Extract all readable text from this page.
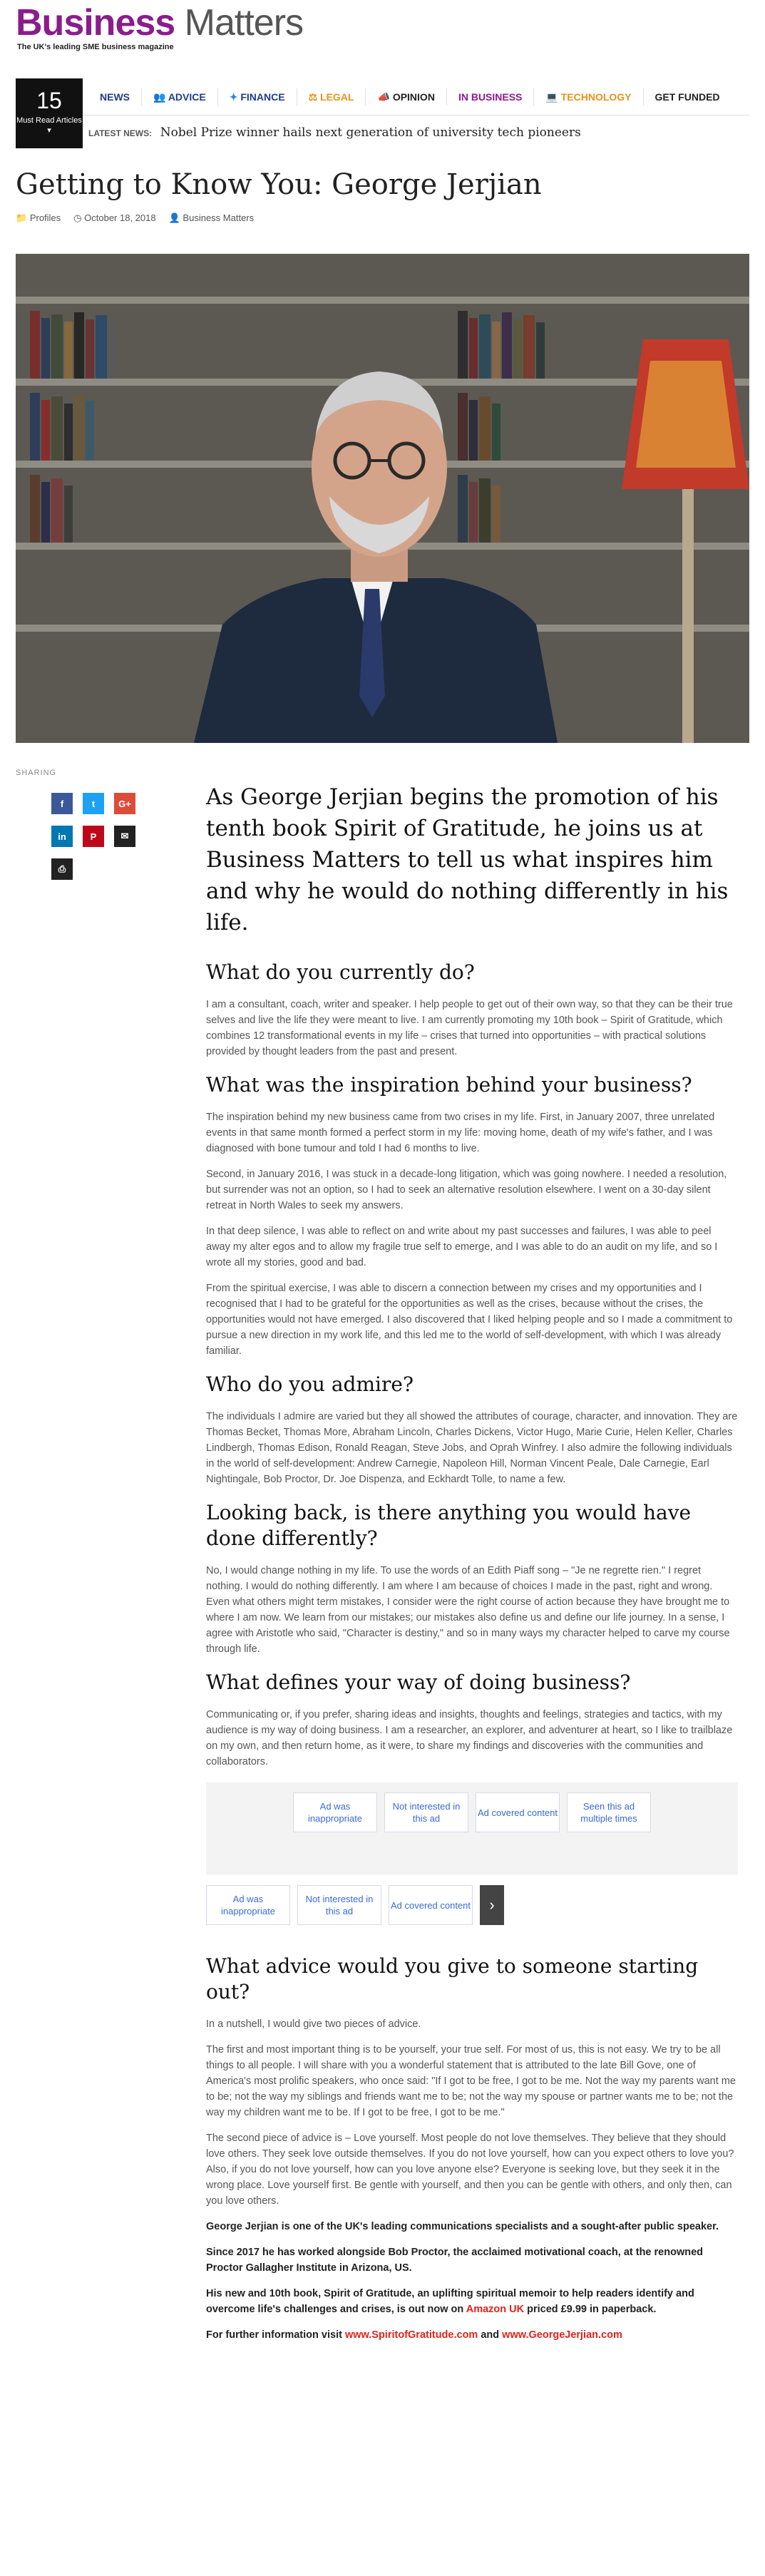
Business Matters
The UK's leading SME business magazine
15
Must Read Articles ▾
NEWS	👥 ADVICE	✦ FINANCE	⚖ LEGAL	📣 OPINION	IN BUSINESS	💻 TECHNOLOGY	GET FUNDED
LATEST NEWS: Nobel Prize winner hails next generation of university tech pioneers
Getting to Know You: George Jerjian
📁 Profiles ◷ October 18, 2018 👤 Business Matters
SHARING
f	t	G+
in	P	✉
⎙
As George Jerjian begins the promotion of his tenth book Spirit of Gratitude, he joins us at Business Matters to tell us what inspires him and why he would do nothing differently in his life.
What do you currently do?

I am a consultant, coach, writer and speaker. I help people to get out of their own way, so that they can be their true selves and live the life they were meant to live. I am currently promoting my 10th book – Spirit of Gratitude, which combines 12 transformational events in my life – crises that turned into opportunities – with practical solutions provided by thought leaders from the past and present.

What was the inspiration behind your business?

The inspiration behind my new business came from two crises in my life. First, in January 2007, three unrelated events in that same month formed a perfect storm in my life: moving home, death of my wife's father, and I was diagnosed with bone tumour and told I had 6 months to live.

Second, in January 2016, I was stuck in a decade-long litigation, which was going nowhere. I needed a resolution, but surrender was not an option, so I had to seek an alternative resolution elsewhere. I went on a 30-day silent retreat in North Wales to seek my answers.

In that deep silence, I was able to reflect on and write about my past successes and failures, I was able to peel away my alter egos and to allow my fragile true self to emerge, and I was able to do an audit on my life, and so I wrote all my stories, good and bad.

From the spiritual exercise, I was able to discern a connection between my crises and my opportunities and I recognised that I had to be grateful for the opportunities as well as the crises, because without the crises, the opportunities would not have emerged. I also discovered that I liked helping people and so I made a commitment to pursue a new direction in my work life, and this led me to the world of self-development, with which I was already familiar.

Who do you admire?

The individuals I admire are varied but they all showed the attributes of courage, character, and innovation. They are Thomas Becket, Thomas More, Abraham Lincoln, Charles Dickens, Victor Hugo, Marie Curie, Helen Keller, Charles Lindbergh, Thomas Edison, Ronald Reagan, Steve Jobs, and Oprah Winfrey. I also admire the following individuals in the world of self-development: Andrew Carnegie, Napoleon Hill, Norman Vincent Peale, Dale Carnegie, Earl Nightingale, Bob Proctor, Dr. Joe Dispenza, and Eckhardt Tolle, to name a few.

Looking back, is there anything you would have done differently?

No, I would change nothing in my life. To use the words of an Edith Piaff song – "Je ne regrette rien." I regret nothing. I would do nothing differently. I am where I am because of choices I made in the past, right and wrong. Even what others might term mistakes, I consider were the right course of action because they have brought me to where I am now. We learn from our mistakes; our mistakes also define us and define our life journey. In a sense, I agree with Aristotle who said, "Character is destiny," and so in many ways my character helped to carve my course through life.

What defines your way of doing business?

Communicating or, if you prefer, sharing ideas and insights, thoughts and feelings, strategies and tactics, with my audience is my way of doing business. I am a researcher, an explorer, and adventurer at heart, so I like to trailblaze on my own, and then return home, as it were, to share my findings and discoveries with the communities and collaborators.

Ad was inappropriate
Not interested in this ad
Ad covered content
Seen this ad multiple times
Ad was inappropriate
Not interested in this ad
Ad covered content ›
What advice would you give to someone starting out?

In a nutshell, I would give two pieces of advice.

The first and most important thing is to be yourself, your true self. For most of us, this is not easy. We try to be all things to all people. I will share with you a wonderful statement that is attributed to the late Bill Gove, one of America's most prolific speakers, who once said: "If I got to be free, I got to be me. Not the way my parents want me to be; not the way my siblings and friends want me to be; not the way my spouse or partner wants me to be; not the way my children want me to be. If I got to be free, I got to be me."

The second piece of advice is – Love yourself. Most people do not love themselves. They believe that they should love others. They seek love outside themselves. If you do not love yourself, how can you expect others to love you? Also, if you do not love yourself, how can you love anyone else? Everyone is seeking love, but they seek it in the wrong place. Love yourself first. Be gentle with yourself, and then you can be gentle with others, and only then, can you love others.

George Jerjian is one of the UK's leading communications specialists and a sought-after public speaker.

Since 2017 he has worked alongside Bob Proctor, the acclaimed motivational coach, at the renowned Proctor Gallagher Institute in Arizona, US.

His new and 10th book, Spirit of Gratitude, an uplifting spiritual memoir to help readers identify and overcome life's challenges and crises, is out now on Amazon UK priced £9.99 in paperback.

For further information visit www.SpiritofGratitude.com and www.GeorgeJerjian.com
